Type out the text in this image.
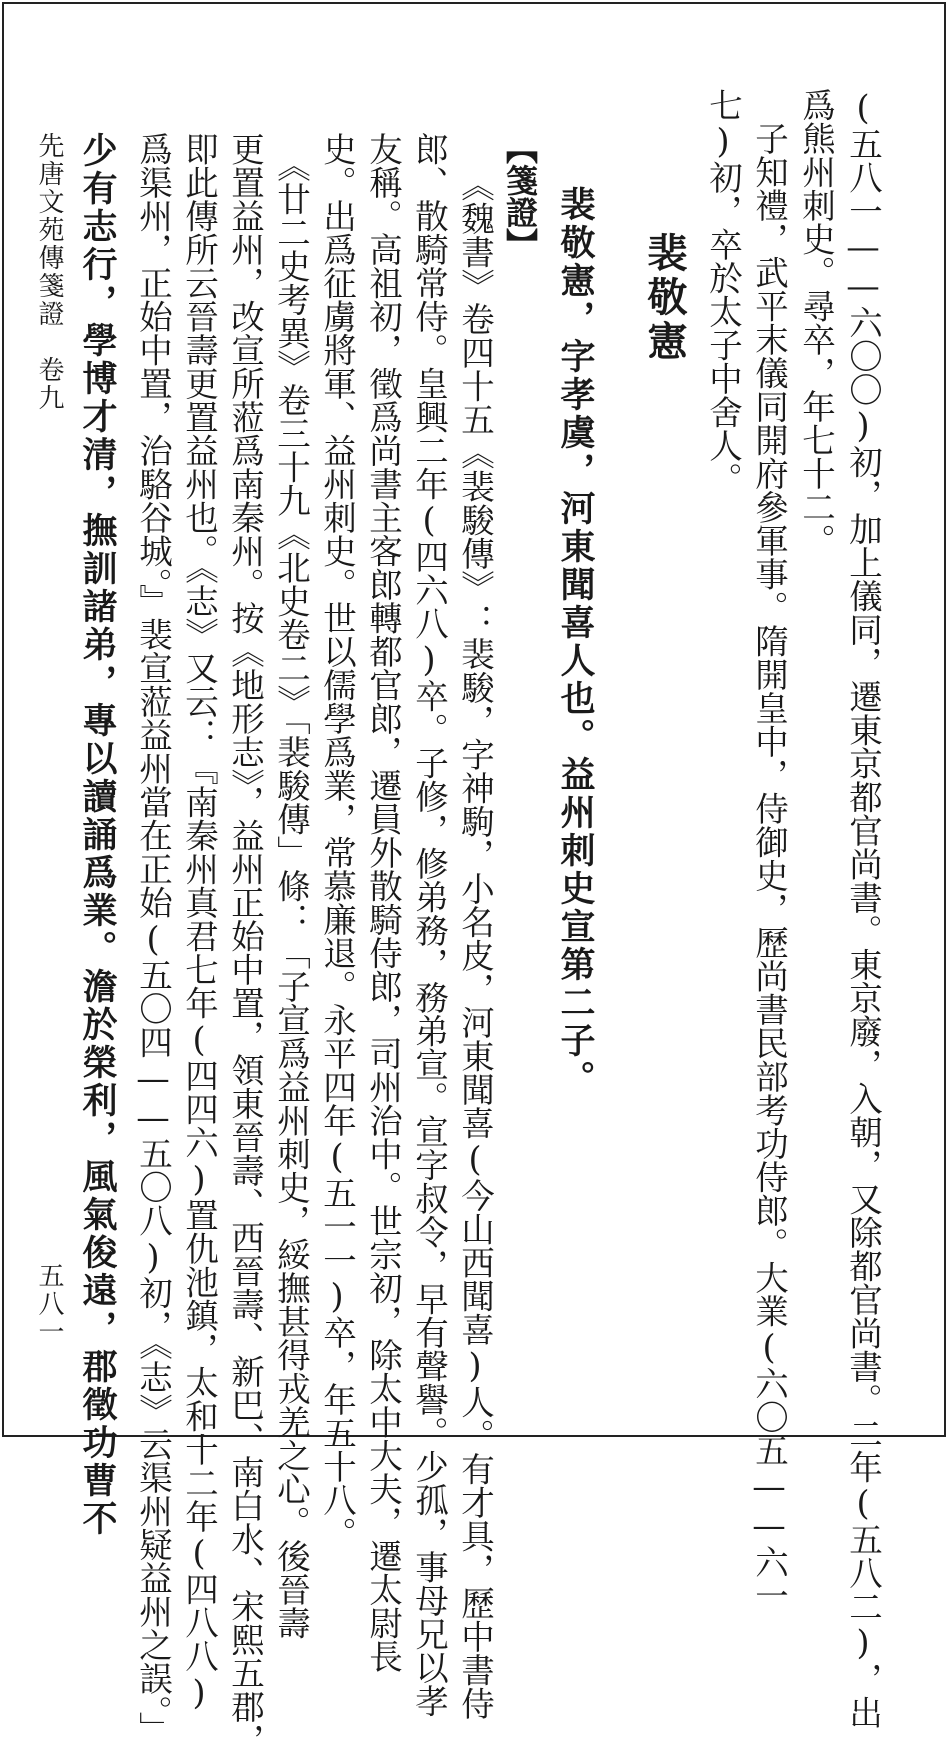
(五八一——六〇〇)初，加上儀同，遷東京都官尚書。東京廢，入朝，又除都官尚書。二年(五八二)，出
爲熊州刺史。尋卒，年七十二。
　子知禮，武平末儀同開府參軍事。隋開皇中，侍御史，歷尚書民部考功侍郎。大業(六〇五——六一
七)初，卒於太子中舍人。
裴敬憲
裴敬憲，字孝虞，河東聞喜人也。益州刺史宣第二子。
【箋證】
《魏書》卷四十五《裴駿傳》：裴駿，字神駒，小名皮，河東聞喜(今山西聞喜)人。有才具，歷中書侍
郎、散騎常侍。皇興二年(四六八)卒。子修，修弟務，務弟宣。宣字叔令，早有聲譽。少孤，事母兄以孝
友稱。高祖初，徵爲尚書主客郎轉都官郎，遷員外散騎侍郎，司州治中。世宗初，除太中大夫，遷太尉長
史。出爲征虜將軍、益州刺史。世以儒學爲業，常慕廉退。永平四年(五一一)卒，年五十八。
　《廿二史考異》卷三十九《北史卷二》「裴駿傳」條：「子宣爲益州刺史，綏撫甚得戎羌之心。後晉壽
更置益州，改宣所蒞爲南秦州。按《地形志》，益州正始中置，領東晉壽、西晉壽、新巴、南白水、宋熙五郡，
即此傳所云晉壽更置益州也。《志》又云：『南秦州真君七年(四四六)置仇池鎮，太和十二年(四八八)
爲渠州，正始中置，治駱谷城。』裴宣蒞益州當在正始(五〇四——五〇八)初，《志》云渠州疑益州之誤。」
少有志行，學博才清，撫訓諸弟，專以讀誦爲業。澹於榮利，風氣俊遠，郡徵功曹不
先唐文苑傳箋證　卷九
五八一
